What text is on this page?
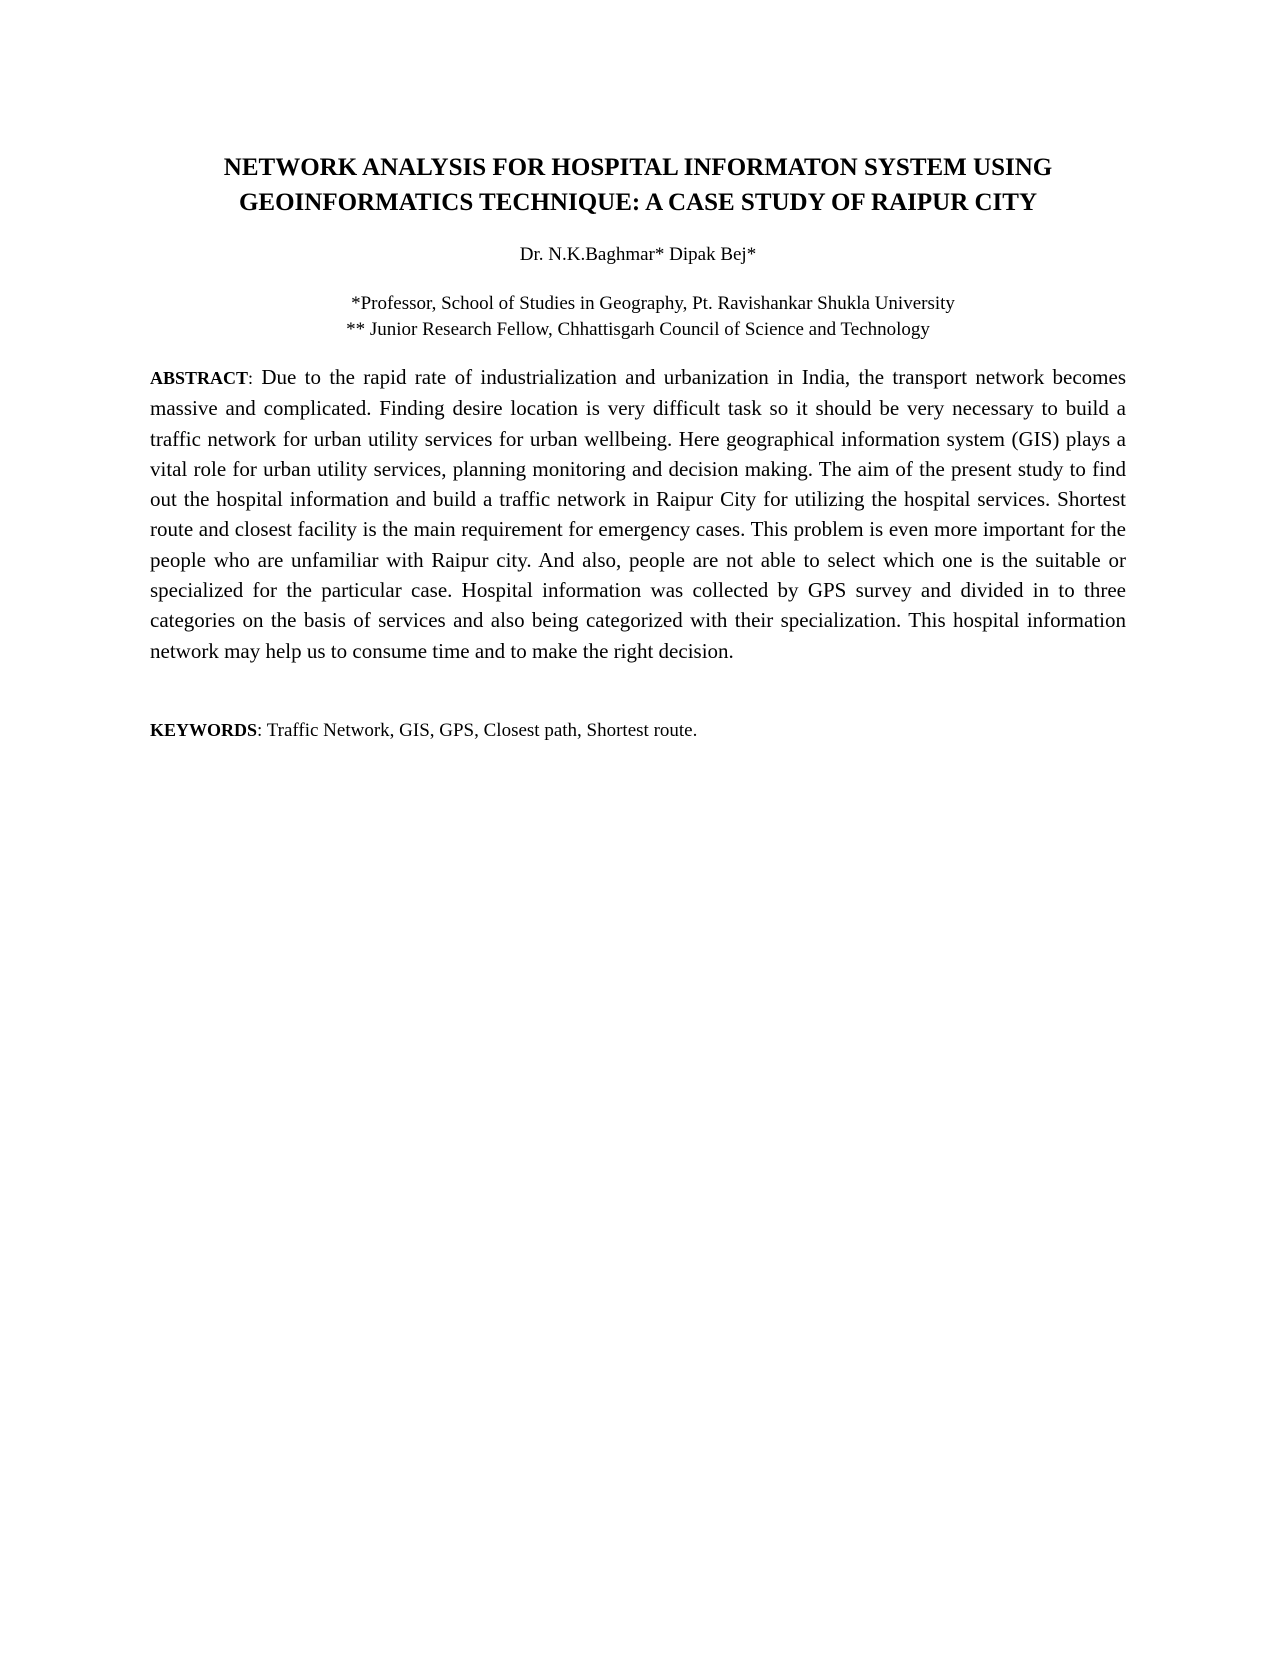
NETWORK ANALYSIS FOR HOSPITAL INFORMATON SYSTEM USING
GEOINFORMATICS TECHNIQUE: A CASE STUDY OF RAIPUR CITY
Dr. N.K.Baghmar* Dipak Bej*
*Professor, School of Studies in Geography, Pt. Ravishankar Shukla University
** Junior Research Fellow, Chhattisgarh Council of Science and Technology

ABSTRACT: Due to the rapid rate of industrialization and urbanization in India, the transport network becomes massive and complicated. Finding desire location is very difficult task so it should be very necessary to build a traffic network for urban utility services for urban wellbeing. Here geographical information system (GIS) plays a vital role for urban utility services, planning monitoring and decision making. The aim of the present study to find out the hospital information and build a traffic network in Raipur City for utilizing the hospital services. Shortest route and closest facility is the main requirement for emergency cases. This problem is even more important for the people who are unfamiliar with Raipur city. And also, people are not able to select which one is the suitable or specialized for the particular case. Hospital information was collected by GPS survey and divided in to three categories on the basis of services and also being categorized with their specialization. This hospital information network may help us to consume time and to make the right decision.

KEYWORDS: Traffic Network, GIS, GPS, Closest path, Shortest route.
